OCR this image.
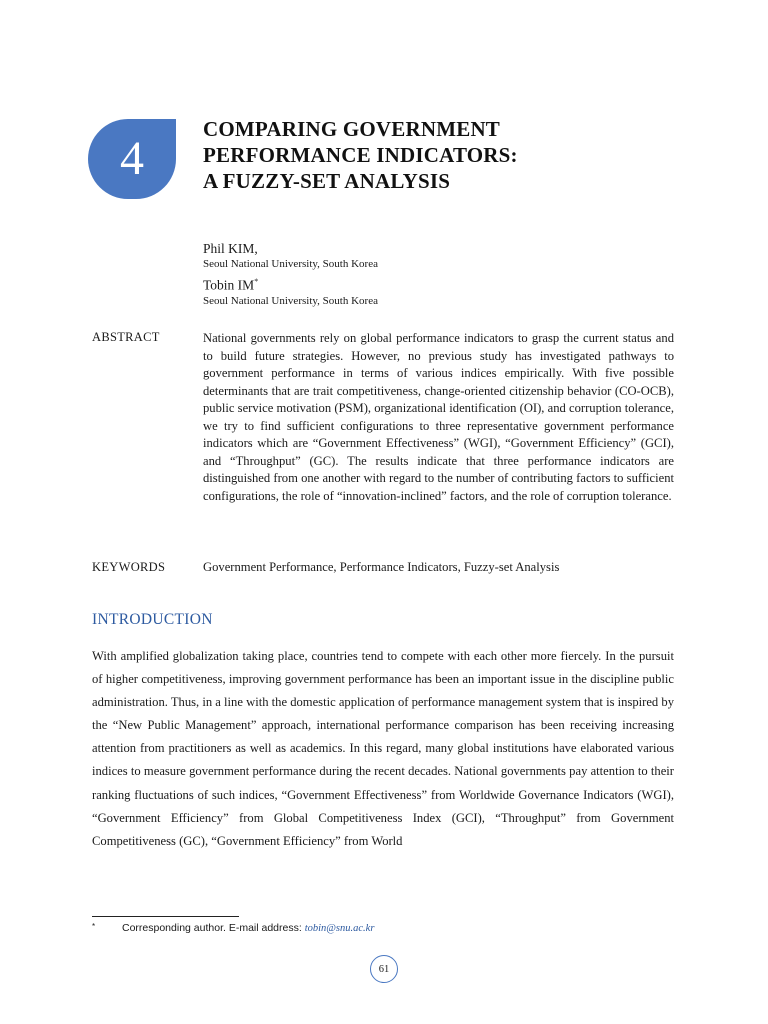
4
COMPARING GOVERNMENT
PERFORMANCE INDICATORS:
A FUZZY-SET ANALYSIS
Phil KIM,
Seoul National University, South Korea
Tobin IM*
Seoul National University, South Korea
ABSTRACT	National governments rely on global performance indicators to grasp the current status and to build future strategies. However, no previous study has investigated pathways to government performance in terms of various indices empirically. With five possible determinants that are trait competitiveness, change-oriented citizenship behavior (CO-OCB), public service motivation (PSM), organizational identification (OI), and corruption tolerance, we try to find sufficient configurations to three representative government performance indicators which are “Government Effectiveness” (WGI), “Government Efficiency” (GCI), and “Throughput” (GC). The results indicate that three performance indicators are distinguished from one another with regard to the number of contributing factors to sufficient configurations, the role of “innovation-inclined” factors, and the role of corruption tolerance.
KEYWORDS	Government Performance, Performance Indicators, Fuzzy-set Analysis
INTRODUCTION
With amplified globalization taking place, countries tend to compete with each other more fiercely. In the pursuit of higher competitiveness, improving government performance has been an important issue in the discipline public administration. Thus, in a line with the domestic application of performance management system that is inspired by the “New Public Management” approach, international performance comparison has been receiving increasing attention from practitioners as well as academics. In this regard, many global institutions have elaborated various indices to measure government performance during the recent decades. National governments pay attention to their ranking fluctuations of such indices, “Government Effectiveness” from Worldwide Governance Indicators (WGI), “Government Efficiency” from Global Competitiveness Index (GCI), “Throughput” from Government Competitiveness (GC), “Government Efficiency” from World
*	Corresponding author. E-mail address: tobin@snu.ac.kr
61
